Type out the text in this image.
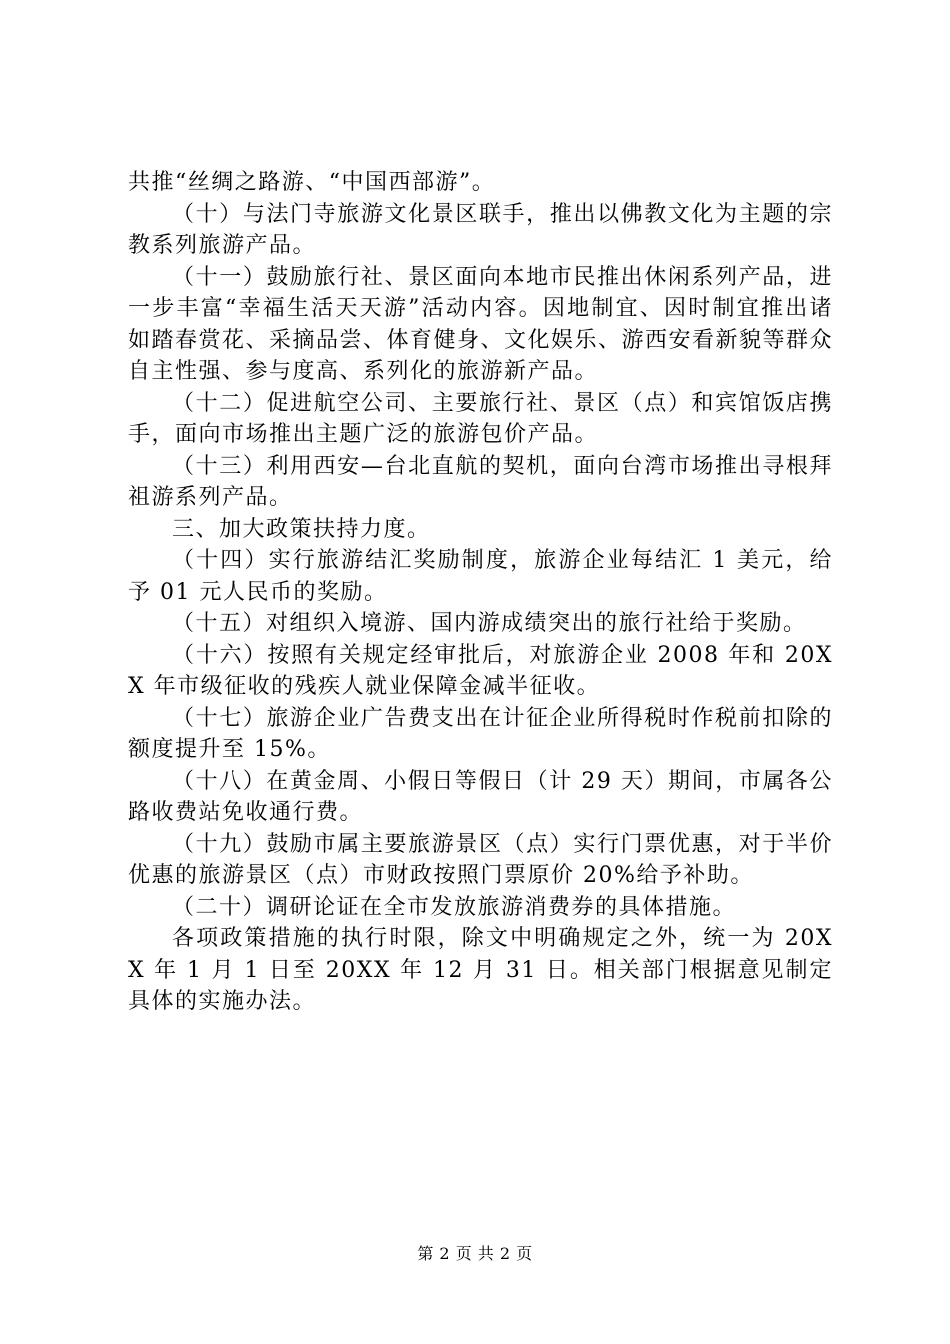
共推“丝绸之路游、“中国西部游”。

（十）与法门寺旅游文化景区联手，推出以佛教文化为主题的宗教系列旅游产品。

（十一）鼓励旅行社、景区面向本地市民推出休闲系列产品，进一步丰富“幸福生活天天游”活动内容。因地制宜、因时制宜推出诸如踏春赏花、采摘品尝、体育健身、文化娱乐、游西安看新貌等群众自主性强、参与度高、系列化的旅游新产品。

（十二）促进航空公司、主要旅行社、景区（点）和宾馆饭店携手，面向市场推出主题广泛的旅游包价产品。

（十三）利用西安—台北直航的契机，面向台湾市场推出寻根拜祖游系列产品。

三、加大政策扶持力度。

（十四）实行旅游结汇奖励制度，旅游企业每结汇 1 美元，给予 01 元人民币的奖励。

（十五）对组织入境游、国内游成绩突出的旅行社给于奖励。

（十六）按照有关规定经审批后，对旅游企业 2008 年和 20XX 年市级征收的残疾人就业保障金减半征收。

（十七）旅游企业广告费支出在计征企业所得税时作税前扣除的额度提升至 15%。

（十八）在黄金周、小假日等假日（计 29 天）期间，市属各公路收费站免收通行费。

（十九）鼓励市属主要旅游景区（点）实行门票优惠，对于半价优惠的旅游景区（点）市财政按照门票原价 20%给予补助。

（二十）调研论证在全市发放旅游消费券的具体措施。

各项政策措施的执行时限，除文中明确规定之外，统一为 20XX 年 1 月 1 日至 20XX 年 12 月 31 日。相关部门根据意见制定具体的实施办法。

第 2 页 共 2 页
